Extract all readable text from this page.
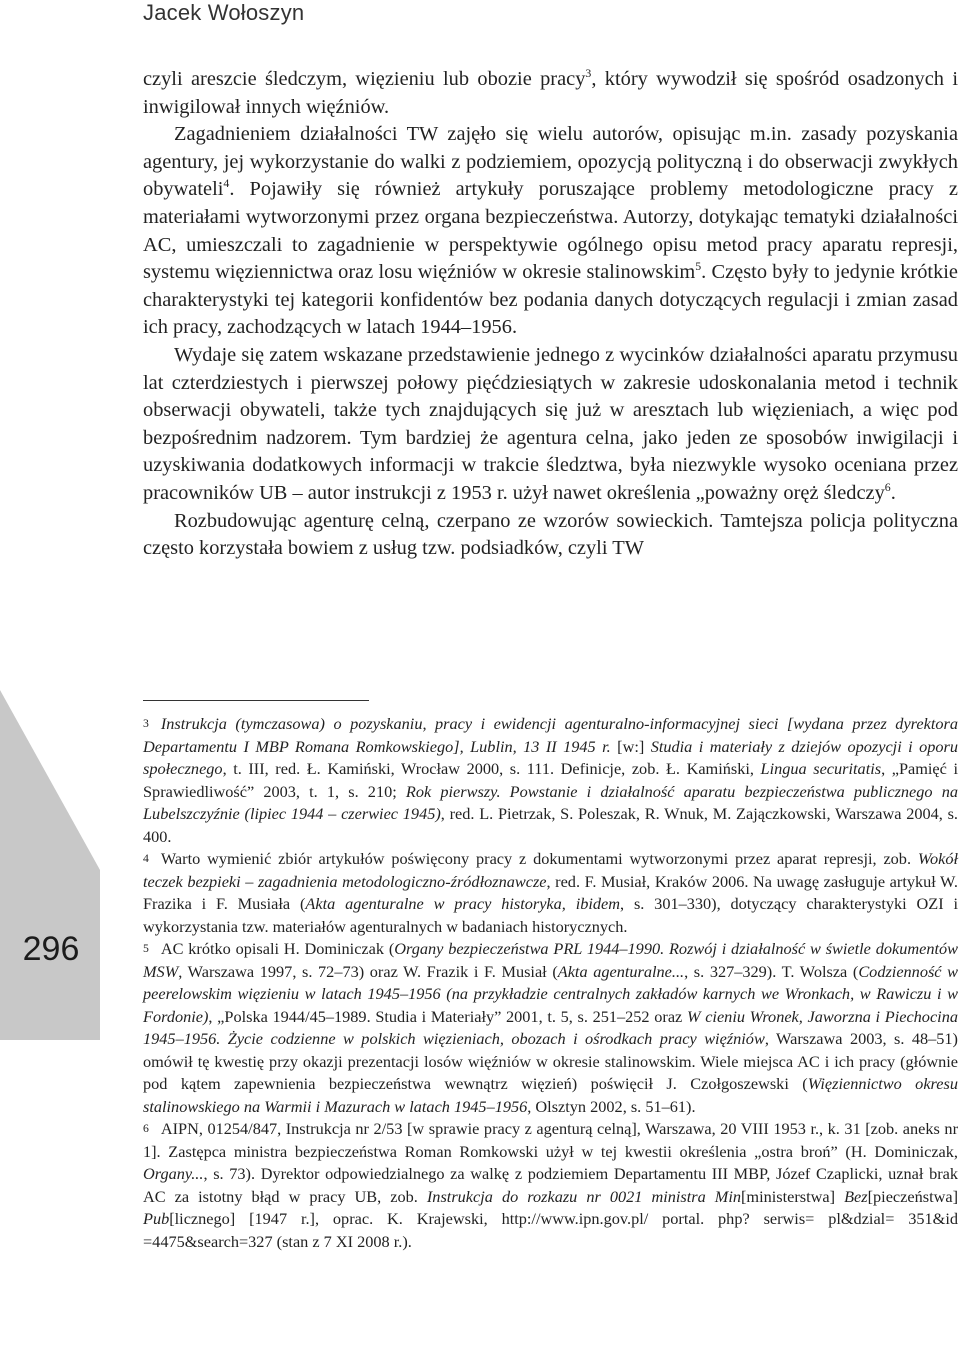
Jacek Wołoszyn

czyli areszcie śledczym, więzieniu lub obozie pracy$^3$, który wywodził się spośród osadzonych i inwigilował innych więźniów.

Zagadnieniem działalności TW zajęło się wielu autorów, opisując m.in. zasady pozyskania agentury, jej wykorzystanie do walki z podziemiem, opozycją polityczną i do obserwacji zwykłych obywateli$^4$. Pojawiły się również artykuły poruszające problemy metodologiczne pracy z materiałami wytworzonymi przez organa bezpieczeństwa. Autorzy, dotykając tematyki działalności AC, umieszczali to zagadnienie w perspektywie ogólnego opisu metod pracy aparatu represji, systemu więziennictwa oraz losu więźniów w okresie stalinowskim$^5$. Często były to jedynie krótkie charakterystyki tej kategorii konfidentów bez podania danych dotyczących regulacji i zmian zasad ich pracy, zachodzących w latach 1944–1956.

Wydaje się zatem wskazane przedstawienie jednego z wycinków działalności aparatu przymusu lat czterdziestych i pierwszej połowy pięćdziesiątych w zakresie udoskonalania metod i technik obserwacji obywateli, także tych znajdujących się już w aresztach lub więzieniach, a więc pod bezpośrednim nadzorem. Tym bardziej że agentura celna, jako jeden ze sposobów inwigilacji i uzyskiwania dodatkowych informacji w trakcie śledztwa, była niezwykle wysoko oceniana przez pracowników UB – autor instrukcji z 1953 r. użył nawet określenia „poważny oręż śledczy$^6$.

Rozbudowując agenturę celną, czerpano ze wzorów sowieckich. Tamtejsza policja polityczna często korzystała bowiem z usług tzw. podsiadków, czyli TW

$^3$ Instrukcja (tymczasowa) o pozyskaniu, pracy i ewidencji agenturalno-informacyjnej sieci [wydana przez dyrektora Departamentu I MBP Romana Romkowskiego], Lublin, 13 II 1945 r. [w:] Studia i materiały z dziejów opozycji i oporu społecznego, t. III, red. Ł. Kamiński, Wrocław 2000, s. 111. Definicje, zob. Ł. Kamiński, Lingua securitatis, „Pamięć i Sprawiedliwość” 2003, t. 1, s. 210; Rok pierwszy. Powstanie i działalność aparatu bezpieczeństwa publicznego na Lubelszczyźnie (lipiec 1944 – czerwiec 1945), red. L. Pietrzak, S. Poleszak, R. Wnuk, M. Zajączkowski, Warszawa 2004, s. 400.

$^4$ Warto wymienić zbiór artykułów poświęcony pracy z dokumentami wytworzonymi przez aparat represji, zob. Wokół teczek bezpieki – zagadnienia metodologiczno-źródłoznawcze, red. F. Musiał, Kraków 2006. Na uwagę zasługuje artykuł W. Frazika i F. Musiała (Akta agenturalne w pracy historyka, ibidem, s. 301–330), dotyczący charakterystyki OZI i wykorzystania tzw. materiałów agenturalnych w badaniach historycznych.

$^5$ AC krótko opisali H. Dominiczak (Organy bezpieczeństwa PRL 1944–1990. Rozwój i działalność w świetle dokumentów MSW, Warszawa 1997, s. 72–73) oraz W. Frazik i F. Musiał (Akta agenturalne..., s. 327–329). T. Wolsza (Codzienność w peerelowskim więzieniu w latach 1945–1956 (na przykładzie centralnych zakładów karnych we Wronkach, w Rawiczu i w Fordonie), „Polska 1944/45–1989. Studia i Materiały” 2001, t. 5, s. 251–252 oraz W cieniu Wronek, Jaworzna i Piechocina 1945–1956. Życie codzienne w polskich więzieniach, obozach i ośrodkach pracy więźniów, Warszawa 2003, s. 48–51) omówił tę kwestię przy okazji prezentacji losów więźniów w okresie stalinowskim. Wiele miejsca AC i ich pracy (głównie pod kątem zapewnienia bezpieczeństwa wewnątrz więzień) poświęcił J. Czołgoszewski (Więziennictwo okresu stalinowskiego na Warmii i Mazurach w latach 1945–1956, Olsztyn 2002, s. 51–61).

$^6$ AIPN, 01254/847, Instrukcja nr 2/53 [w sprawie pracy z agenturą celną], Warszawa, 20 VIII 1953 r., k. 31 [zob. aneks nr 1]. Zastępca ministra bezpieczeństwa Roman Romkowski użył w tej kwestii określenia „ostra broń” (H. Dominiczak, Organy..., s. 73). Dyrektor odpowiedzialnego za walkę z podziemiem Departamentu III MBP, Józef Czaplicki, uznał brak AC za istotny błąd w pracy UB, zob. Instrukcja do rozkazu nr 0021 ministra Min[ministerstwa] Bez[pieczeństwa] Pub[licznego] [1947 r.], oprac. K. Krajewski, http://www.ipn.gov.pl/ portal. php? serwis= pl&dzial= 351&id =4475&search=327 (stan z 7 XI 2008 r.).

296
